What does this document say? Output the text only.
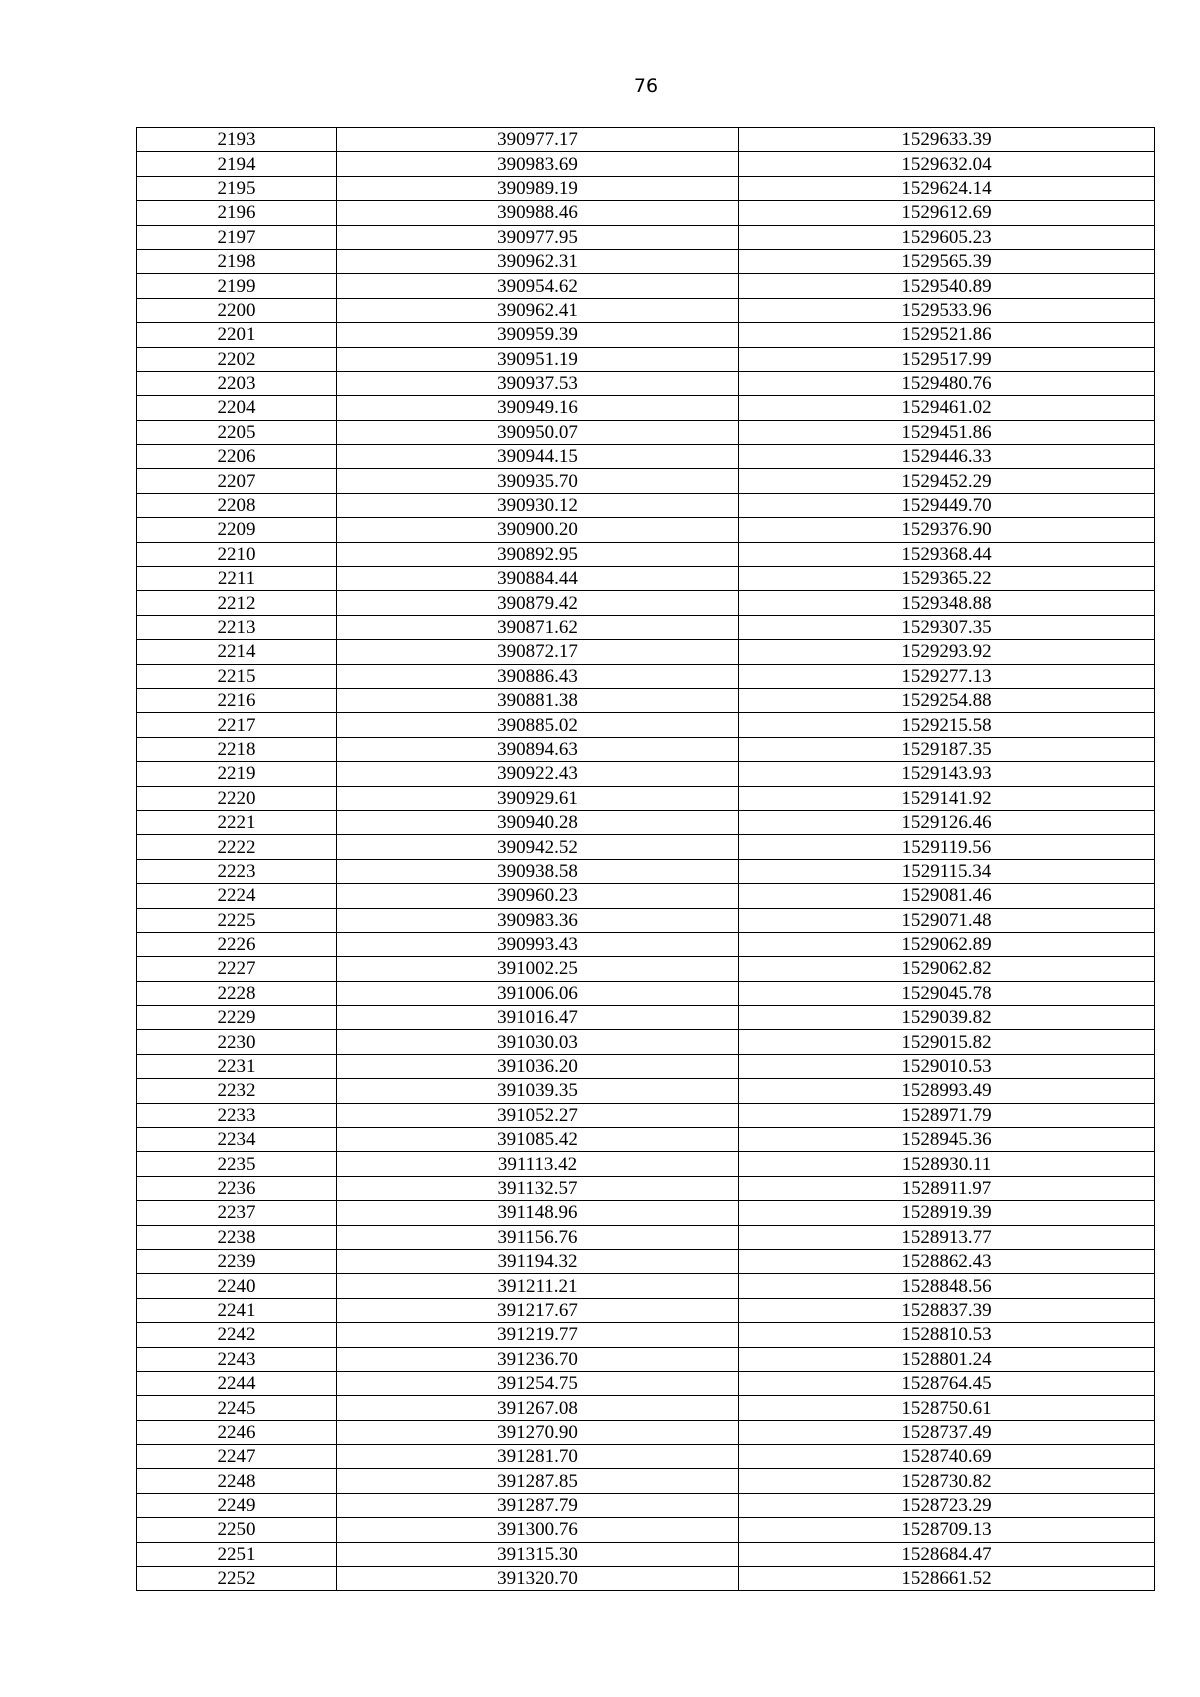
76
2193	390977.17	1529633.39
2194	390983.69	1529632.04
2195	390989.19	1529624.14
2196	390988.46	1529612.69
2197	390977.95	1529605.23
2198	390962.31	1529565.39
2199	390954.62	1529540.89
2200	390962.41	1529533.96
2201	390959.39	1529521.86
2202	390951.19	1529517.99
2203	390937.53	1529480.76
2204	390949.16	1529461.02
2205	390950.07	1529451.86
2206	390944.15	1529446.33
2207	390935.70	1529452.29
2208	390930.12	1529449.70
2209	390900.20	1529376.90
2210	390892.95	1529368.44
2211	390884.44	1529365.22
2212	390879.42	1529348.88
2213	390871.62	1529307.35
2214	390872.17	1529293.92
2215	390886.43	1529277.13
2216	390881.38	1529254.88
2217	390885.02	1529215.58
2218	390894.63	1529187.35
2219	390922.43	1529143.93
2220	390929.61	1529141.92
2221	390940.28	1529126.46
2222	390942.52	1529119.56
2223	390938.58	1529115.34
2224	390960.23	1529081.46
2225	390983.36	1529071.48
2226	390993.43	1529062.89
2227	391002.25	1529062.82
2228	391006.06	1529045.78
2229	391016.47	1529039.82
2230	391030.03	1529015.82
2231	391036.20	1529010.53
2232	391039.35	1528993.49
2233	391052.27	1528971.79
2234	391085.42	1528945.36
2235	391113.42	1528930.11
2236	391132.57	1528911.97
2237	391148.96	1528919.39
2238	391156.76	1528913.77
2239	391194.32	1528862.43
2240	391211.21	1528848.56
2241	391217.67	1528837.39
2242	391219.77	1528810.53
2243	391236.70	1528801.24
2244	391254.75	1528764.45
2245	391267.08	1528750.61
2246	391270.90	1528737.49
2247	391281.70	1528740.69
2248	391287.85	1528730.82
2249	391287.79	1528723.29
2250	391300.76	1528709.13
2251	391315.30	1528684.47
2252	391320.70	1528661.52
